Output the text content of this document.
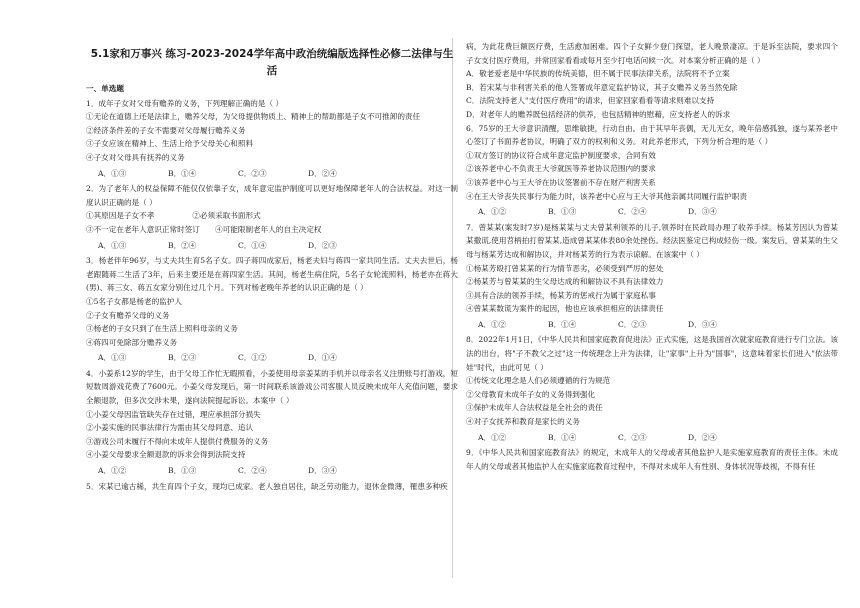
5.1家和万事兴 练习-2023-2024学年高中政治统编版选择性必修二法律与生活
一、单选题
1．成年子女对父母有赡养的义务，下列理解正确的是（ ）
①无论在道德上还是法律上，赡养父母，为父母提供物质上、精神上的帮助都是子女不可推卸的责任
②经济条件差的子女不需要对父母履行赡养义务
③子女应该在精神上、生活上给予父母关心和照料
④子女对父母具有抚养的义务
A．①③	B．①④	C．②③	D．②④
2．为了老年人的权益保障不能仅仅依靠子女，成年意定监护制度可以更好地保障老年人的合法权益。对这一制度认识正确的是（ ）
①其原因是子女不孝　　　　　②必须采取书面形式
③不一定在老年人意识正常时签订　　④可能限制老年人的自主决定权
A．①③	B．②④	C．①④	D．②③
3．杨老伴年96岁，与丈夫共生育5名子女。四子蒋四成家后，杨老夫妇与蒋四一家共同生活。丈夫去世后，杨老跟随蒋二生活了3年，后来主要还是在蒋四家生活。其间，杨老生病住院，5名子女轮流照料，杨老亦在蒋大(男)、蒋三女、蒋五女家分别住过几个月。下列对杨老晚年养老的认识正确的是（ ）
①5名子女都是杨老的监护人
②子女有赡养父母的义务
③杨老的子女只到了在生活上照料母亲的义务
④蒋四可免除部分赡养义务
A．①③	B．②③	C．①②	D．①④
4．小姜系12岁的学生，由于父母工作忙无暇照看，小姜使用母亲姜某的手机并以母亲名义注册账号打游戏，短短数周游戏花费了7600元。小姜父母发现后，第一时间联系该游戏公司客服人员反映未成年人充值问题，要求全额退款，但多次交涉未果，遂向法院提起诉讼。本案中（ ）
①小姜父母因监管缺失存在过错，理应承担部分损失
②小姜实施的民事法律行为需由其父母同意、追认
③游戏公司未履行不得向未成年人提供付费服务的义务
④小姜父母要求全额退款的诉求会得到法院支持
A．①②	B．①③	C．②④	D．③④
5．宋某已逾古稀，共生育四个子女，现均已成家。老人独自居住，缺乏劳动能力，退休金微薄，罹患多种疾
病，为此花费巨额医疗费，生活愈加困难。四个子女鲜少登门探望，老人晚景凄凉。于是诉至法院，要求四个子女支付医疗费用，并常回家看看或每月至少打电话问候一次。对本案分析正确的是（ ）
A．敬老爱老是中华民族的传统美德，但不属于民事法律关系，法院将不予立案
B．若宋某与非利害关系的他人签署成年意定监护协议，其子女赡养义务当然免除
C．法院支持老人"支付医疗费用"的请求，但家回家看看等请求则难以支持
D．对老年人的赡养既包括经济的供养，也包括精神的慰藉，应支持老人的诉求
6．75岁的王大爷意识清醒，思维敏捷，行动自由。由于其早年丧偶，无儿无女，晚年倍感孤独，遂与某养老中心签订了书面养老协议，明确了双方的权利和义务。对此养老形式，下列分析合理的是（ ）
①双方签订的协议符合成年意定监护制度要求，合同有效
②该养老中心不负责王大爷就医等养老协议范围内的要求
③该养老中心与王大爷在协议签署前不存在财产利害关系
④在王大爷丧失民事行为能力时，该养老中心应与王大爷其他亲属共同履行监护职责
A．①②	B．①③	C．②④	D．③④
7．曾某某(案发时7岁)是杨某某与丈夫曾某利领养的儿子,领养时在民政局办理了收养手续。杨某芳因认为曾某某撒谎,使用苕柄拍打曾某某,造成曾某某体表80余处挫伤。经法医鉴定已构成轻伤一级。案发后，曾某某的生父母与杨某芳达成和解协议，并对杨某芳的行为表示谅解。在该案中（ ）
①杨某芳殴打曾某某的行为情节恶劣，必须受到严厉的惩处
②杨某芳与曾某某的生父母达成的和解协议不具有法律效力
③具有合法的领养手续，杨某芳的惩戒行为属于家庭私事
④曾某某数谎为案件的起因，他也应该承担相应的法律责任
A．①②	B．①④	C．②③	D．③④
8．2022年1月1日，《中华人民共和国家庭教育促进法》正式实施，这是我国首次就家庭教育进行专门立法。该法的出台，将"子不教父之过"这一传统理念上升为法律，让"家事"上升为"国事"，这意味着家长们进入"依法带娃"时代，由此可见（ ）
①传统文化理念是人们必须遵循的行为规范
②父母教育未成年子女的义务得到强化
③保护未成年人合法权益是全社会的责任
④对子女抚养和教育是家长的义务
A．①②	B．①④	C．②③	D．②④
9．《中华人民共和国家庭教育法》的规定，未成年人的父母或者其他监护人是实施家庭教育的责任主体。未成年人的父母或者其他监护人在实施家庭教育过程中，不得对未成年人有性别、身体状况等歧视，不得有任
